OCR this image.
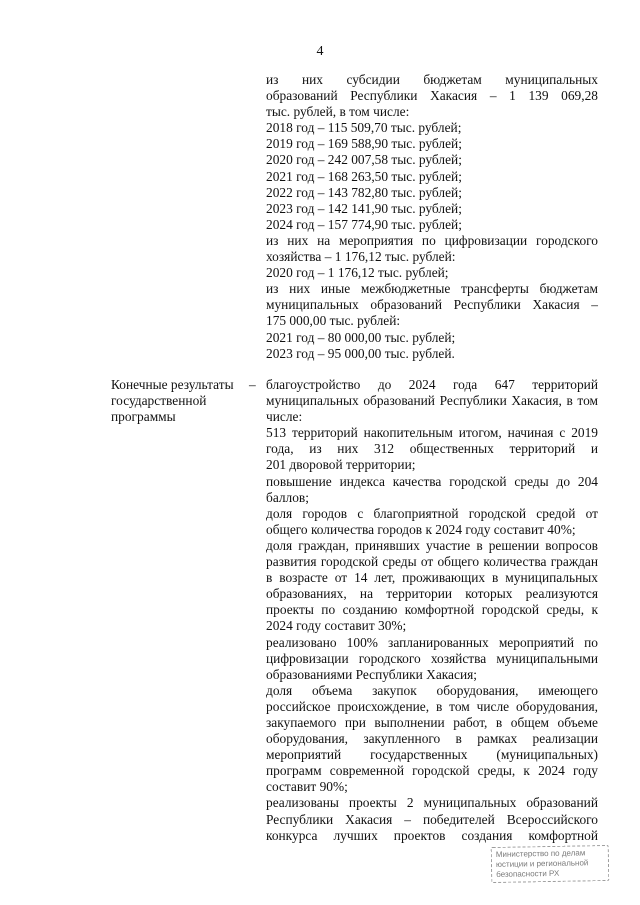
4
из них субсидии бюджетам муниципальных
образований Республики Хакасия – 1 139 069,28
тыс. рублей, в том числе:
2018 год – 115 509,70 тыс. рублей;
2019 год – 169 588,90 тыс. рублей;
2020 год – 242 007,58 тыс. рублей;
2021 год – 168 263,50 тыс. рублей;
2022 год – 143 782,80 тыс. рублей;
2023 год – 142 141,90 тыс. рублей;
2024 год – 157 774,90 тыс. рублей;
из них на мероприятия по цифровизации городского
хозяйства – 1 176,12 тыс. рублей:
2020 год – 1 176,12 тыс. рублей;
из них иные межбюджетные трансферты бюджетам
муниципальных образований Республики Хакасия –
175 000,00 тыс. рублей:
2021 год – 80 000,00 тыс. рублей;
2023 год – 95 000,00 тыс. рублей.
Конечные результаты
государственной
программы
– благоустройство до 2024 года 647 территорий
муниципальных образований Республики Хакасия, в том
числе:
513 территорий накопительным итогом, начиная с 2019
года, из них 312 общественных территорий и
201 дворовой территории;
повышение индекса качества городской среды до 204
баллов;
доля городов с благоприятной городской средой от
общего количества городов к 2024 году составит 40%;
доля граждан, принявших участие в решении вопросов
развития городской среды от общего количества граждан
в возрасте от 14 лет, проживающих в муниципальных
образованиях, на территории которых реализуются
проекты по созданию комфортной городской среды, к
2024 году составит 30%;
реализовано 100% запланированных мероприятий по
цифровизации городского хозяйства муниципальными
образованиями Республики Хакасия;
доля объема закупок оборудования, имеющего
российское происхождение, в том числе оборудования,
закупаемого при выполнении работ, в общем объеме
оборудования, закупленного в рамках реализации
мероприятий государственных (муниципальных)
программ современной городской среды, к 2024 году
составит 90%;
реализованы проекты 2 муниципальных образований
Республики Хакасия – победителей Всероссийского
конкурса лучших проектов создания комфортной
Министерство по делам
юстиции и региональной
безопасности РХ
